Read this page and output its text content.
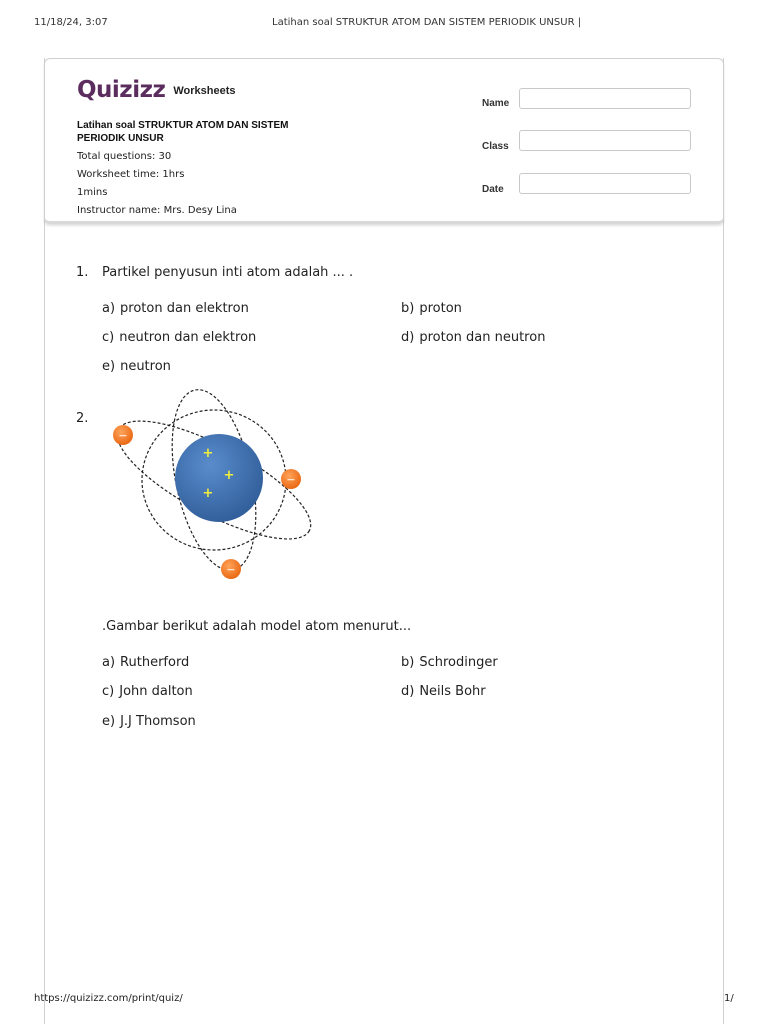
11/18/24, 3:07	Latihan soal STRUKTUR ATOM DAN SISTEM PERIODIK UNSUR |
Quizizz Worksheets
Latihan soal STRUKTUR ATOM DAN SISTEM PERIODIK UNSUR
Total questions: 30
Worksheet time: 1hrs
1mins
Instructor name: Mrs. Desy Lina
Name
Class
Date
1. Partikel penyusun inti atom adalah ... .
a) proton dan elektron	b) proton
c) neutron dan elektron	d) proton dan neutron
e) neutron
2.
+
+
+
−
−
−
.Gambar berikut adalah model atom menurut...
a) Rutherford	b) Schrodinger
c) John dalton	d) Neils Bohr
e) J.J Thomson
https://quizizz.com/print/quiz/	1/
